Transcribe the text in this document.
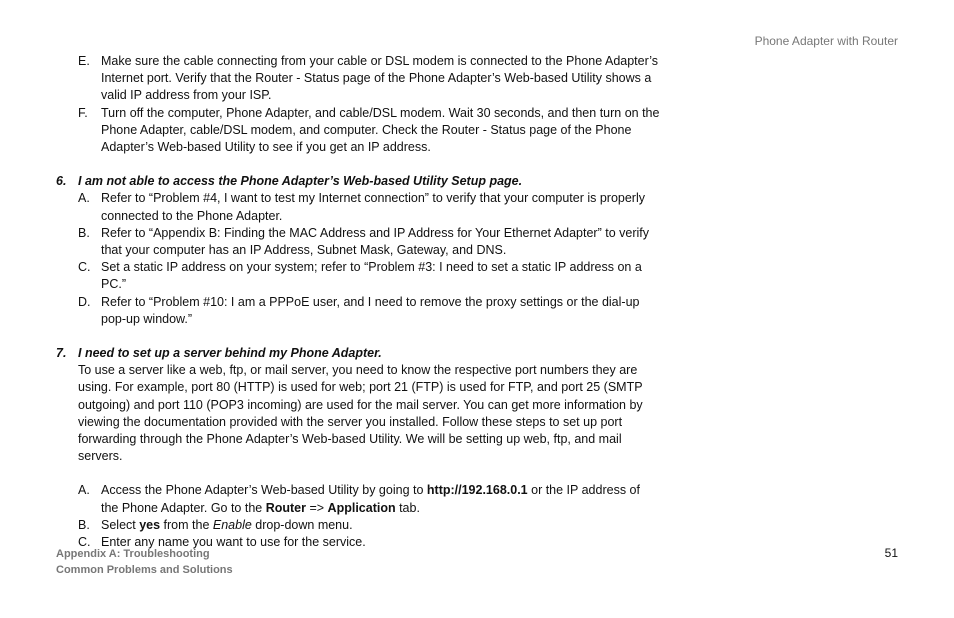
Phone Adapter with Router
E. Make sure the cable connecting from your cable or DSL modem is connected to the Phone Adapter’s Internet port. Verify that the Router - Status page of the Phone Adapter’s Web-based Utility shows a valid IP address from your ISP.
F.	Turn off the computer, Phone Adapter, and cable/DSL modem. Wait 30 seconds, and then turn on the Phone Adapter, cable/DSL modem, and computer. Check the Router - Status page of the Phone Adapter’s Web-based Utility to see if you get an IP address.
6. I am not able to access the Phone Adapter’s Web-based Utility Setup page.
A. Refer to “Problem #4, I want to test my Internet connection” to verify that your computer is properly connected to the Phone Adapter.
B. Refer to “Appendix B: Finding the MAC Address and IP Address for Your Ethernet Adapter” to verify that your computer has an IP Address, Subnet Mask, Gateway, and DNS.
C. Set a static IP address on your system; refer to “Problem #3: I need to set a static IP address on a PC.”
D. Refer to “Problem #10: I am a PPPoE user, and I need to remove the proxy settings or the dial-up pop-up window.”
7. I need to set up a server behind my Phone Adapter.
To use a server like a web, ftp, or mail server, you need to know the respective port numbers they are using. For example, port 80 (HTTP) is used for web; port 21 (FTP) is used for FTP, and port 25 (SMTP outgoing) and port 110 (POP3 incoming) are used for the mail server. You can get more information by viewing the documentation provided with the server you installed. Follow these steps to set up port forwarding through the Phone Adapter’s Web-based Utility. We will be setting up web, ftp, and mail servers.
A. Access the Phone Adapter’s Web-based Utility by going to http://192.168.0.1 or the IP address of the Phone Adapter. Go to the Router => Application tab.
B. Select yes from the Enable drop-down menu.
C. Enter any name you want to use for the service.
Appendix A: Troubleshooting
Common Problems and Solutions
51
